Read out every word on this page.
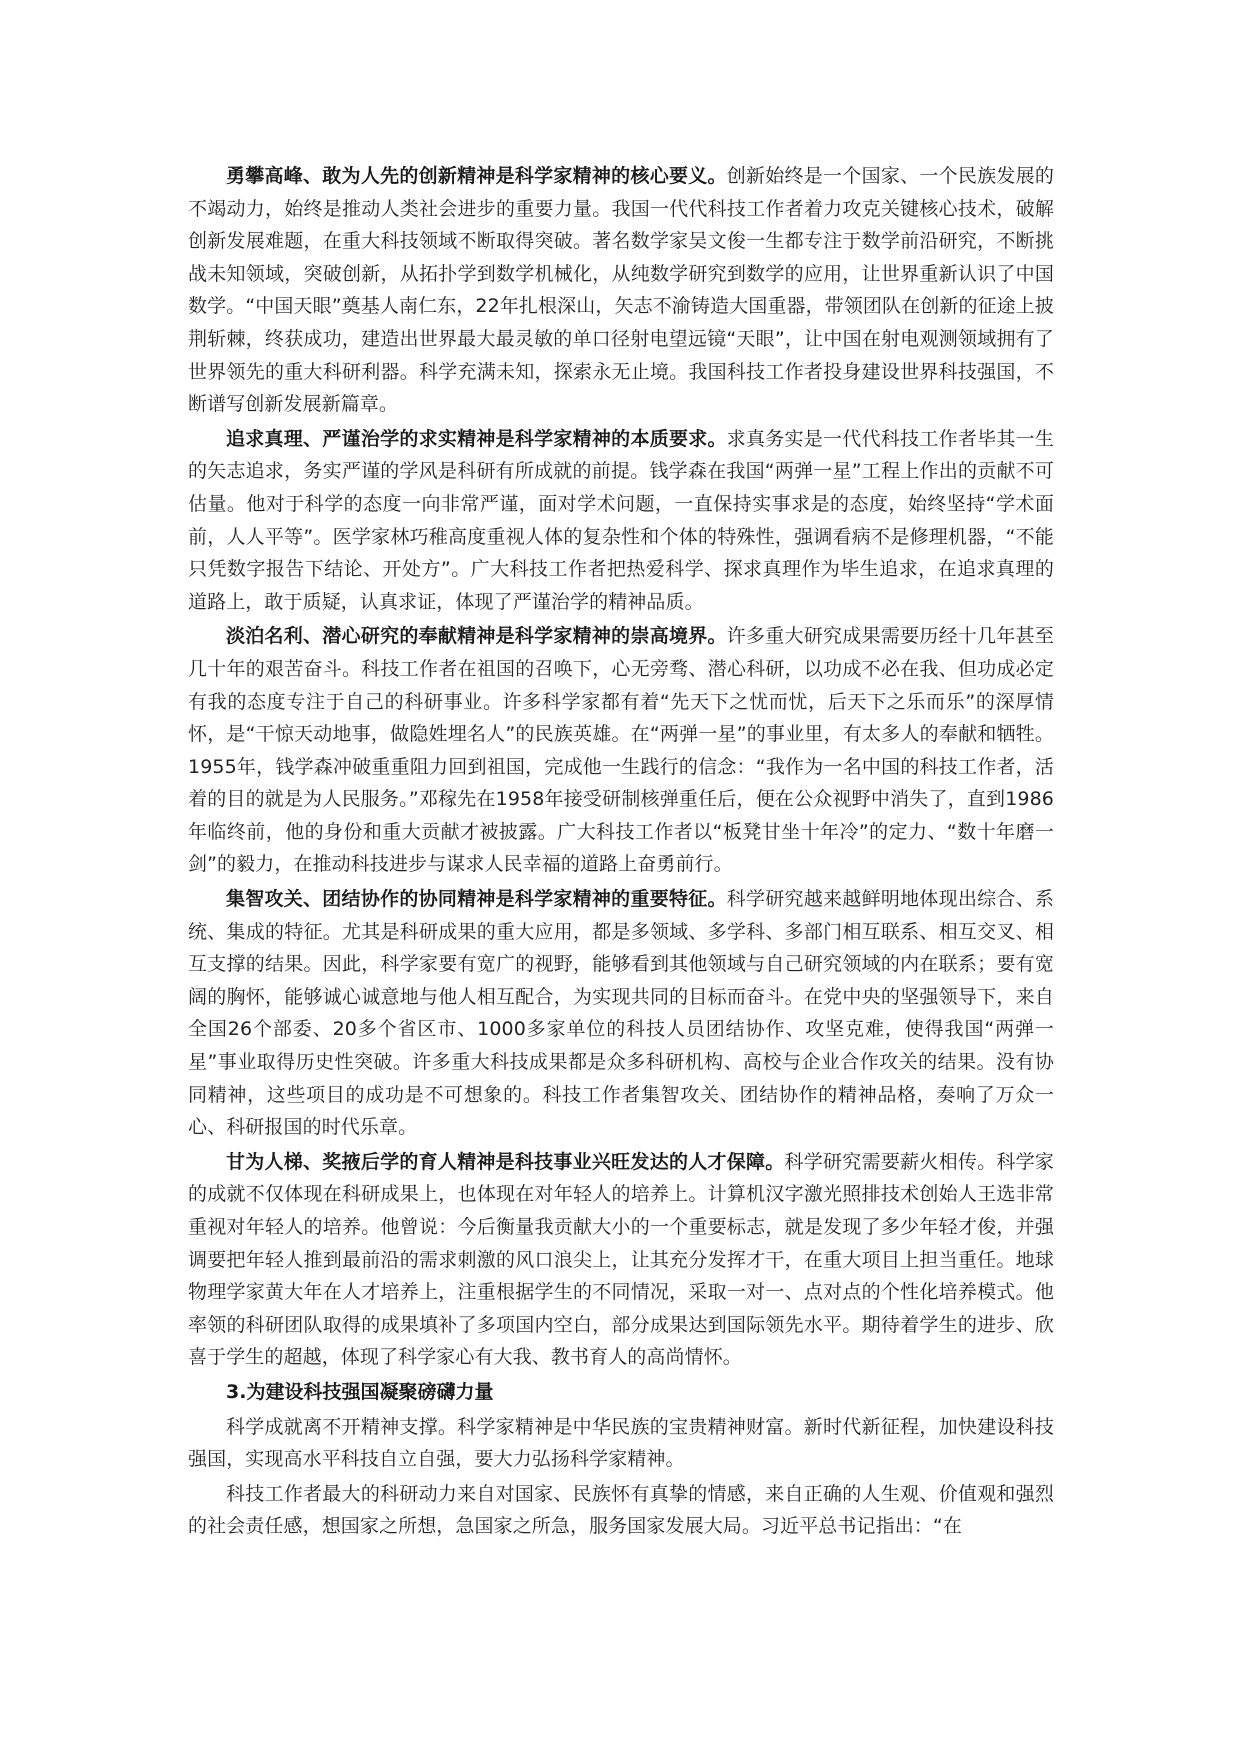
勇攀高峰、敢为人先的创新精神是科学家精神的核心要义。创新始终是一个国家、一个民族发展的不竭动力，始终是推动人类社会进步的重要力量。我国一代代科技工作者着力攻克关键核心技术，破解创新发展难题，在重大科技领域不断取得突破。著名数学家吴文俊一生都专注于数学前沿研究，不断挑战未知领域，突破创新，从拓扑学到数学机械化，从纯数学研究到数学的应用，让世界重新认识了中国数学。“中国天眼”奠基人南仁东，22年扎根深山，矢志不渝铸造大国重器，带领团队在创新的征途上披荆斩棘，终获成功，建造出世界最大最灵敏的单口径射电望远镜“天眼”，让中国在射电观测领域拥有了世界领先的重大科研利器。科学充满未知，探索永无止境。我国科技工作者投身建设世界科技强国，不断谱写创新发展新篇章。

追求真理、严谨治学的求实精神是科学家精神的本质要求。求真务实是一代代科技工作者毕其一生的矢志追求，务实严谨的学风是科研有所成就的前提。钱学森在我国“两弹一星”工程上作出的贡献不可估量。他对于科学的态度一向非常严谨，面对学术问题，一直保持实事求是的态度，始终坚持“学术面前，人人平等”。医学家林巧稚高度重视人体的复杂性和个体的特殊性，强调看病不是修理机器，“不能只凭数字报告下结论、开处方”。广大科技工作者把热爱科学、探求真理作为毕生追求，在追求真理的道路上，敢于质疑，认真求证，体现了严谨治学的精神品质。

淡泊名利、潜心研究的奉献精神是科学家精神的崇高境界。许多重大研究成果需要历经十几年甚至几十年的艰苦奋斗。科技工作者在祖国的召唤下，心无旁骛、潜心科研，以功成不必在我、但功成必定有我的态度专注于自己的科研事业。许多科学家都有着“先天下之忧而忧，后天下之乐而乐”的深厚情怀，是“干惊天动地事，做隐姓埋名人”的民族英雄。在“两弹一星”的事业里，有太多人的奉献和牺牲。1955年，钱学森冲破重重阻力回到祖国，完成他一生践行的信念：“我作为一名中国的科技工作者，活着的目的就是为人民服务。”邓稼先在1958年接受研制核弹重任后，便在公众视野中消失了，直到1986年临终前，他的身份和重大贡献才被披露。广大科技工作者以“板凳甘坐十年冷”的定力、“数十年磨一剑”的毅力，在推动科技进步与谋求人民幸福的道路上奋勇前行。

集智攻关、团结协作的协同精神是科学家精神的重要特征。科学研究越来越鲜明地体现出综合、系统、集成的特征。尤其是科研成果的重大应用，都是多领域、多学科、多部门相互联系、相互交叉、相互支撑的结果。因此，科学家要有宽广的视野，能够看到其他领域与自己研究领域的内在联系；要有宽阔的胸怀，能够诚心诚意地与他人相互配合，为实现共同的目标而奋斗。在党中央的坚强领导下，来自全国26个部委、20多个省区市、1000多家单位的科技人员团结协作、攻坚克难，使得我国“两弹一星”事业取得历史性突破。许多重大科技成果都是众多科研机构、高校与企业合作攻关的结果。没有协同精神，这些项目的成功是不可想象的。科技工作者集智攻关、团结协作的精神品格，奏响了万众一心、科研报国的时代乐章。

甘为人梯、奖掖后学的育人精神是科技事业兴旺发达的人才保障。科学研究需要薪火相传。科学家的成就不仅体现在科研成果上，也体现在对年轻人的培养上。计算机汉字激光照排技术创始人王选非常重视对年轻人的培养。他曾说：今后衡量我贡献大小的一个重要标志，就是发现了多少年轻才俊，并强调要把年轻人推到最前沿的需求刺激的风口浪尖上，让其充分发挥才干，在重大项目上担当重任。地球物理学家黄大年在人才培养上，注重根据学生的不同情况，采取一对一、点对点的个性化培养模式。他率领的科研团队取得的成果填补了多项国内空白，部分成果达到国际领先水平。期待着学生的进步、欣喜于学生的超越，体现了科学家心有大我、教书育人的高尚情怀。

3.为建设科技强国凝聚磅礴力量

科学成就离不开精神支撑。科学家精神是中华民族的宝贵精神财富。新时代新征程，加快建设科技强国，实现高水平科技自立自强，要大力弘扬科学家精神。

科技工作者最大的科研动力来自对国家、民族怀有真挚的情感，来自正确的人生观、价值观和强烈的社会责任感，想国家之所想，急国家之所急，服务国家发展大局。习近平总书记指出：“在
